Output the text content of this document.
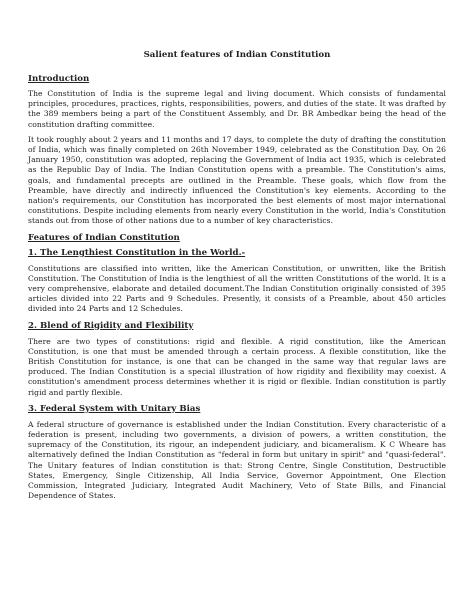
Salient features of Indian Constitution
Introduction

The Constitution of India is the supreme legal and living document. Which consists of fundamental principles, procedures, practices, rights, responsibilities, powers, and duties of the state. It was drafted by the 389 members being a part of the Constituent Assembly, and Dr. BR Ambedkar being the head of the constitution drafting committee.

It took roughly about 2 years and 11 months and 17 days, to complete the duty of drafting the constitution of India, which was finally completed on 26th November 1949, celebrated as the Constitution Day. On 26 January 1950, constitution was adopted, replacing the Government of India act 1935, which is celebrated as the Republic Day of India. The Indian Constitution opens with a preamble. The Constitution's aims, goals, and fundamental precepts are outlined in the Preamble. These goals, which flow from the Preamble, have directly and indirectly influenced the Constitution's key elements. According to the nation's requirements, our Constitution has incorporated the best elements of most major international constitutions. Despite including elements from nearly every Constitution in the world, India's Constitution stands out from those of other nations due to a number of key characteristics.

Features of Indian Constitution
1. The Lengthiest Constitution in the World.-

Constitutions are classified into written, like the American Constitution, or unwritten, like the British Constitution. The Constitution of India is the lengthiest of all the written Constitutions of the world. It is a very comprehensive, elaborate and detailed document.The Indian Constitution originally consisted of 395 articles divided into 22 Parts and 9 Schedules. Presently, it consists of a Preamble, about 450 articles divided into 24 Parts and 12 Schedules.

2. Blend of Rigidity and Flexibility

There are two types of constitutions: rigid and flexible. A rigid constitution, like the American Constitution, is one that must be amended through a certain process. A flexible constitution, like the British Constitution for instance, is one that can be changed in the same way that regular laws are produced. The Indian Constitution is a special illustration of how rigidity and flexibility may coexist. A constitution's amendment process determines whether it is rigid or flexible. Indian constitution is partly rigid and partly flexible.

3. Federal System with Unitary Bias

A federal structure of governance is established under the Indian Constitution. Every characteristic of a federation is present, including two governments, a division of powers, a written constitution, the supremacy of the Constitution, its rigour, an independent judiciary, and bicameralism. K C Wheare has alternatively defined the Indian Constitution as "federal in form but unitary in spirit" and "quasi-federal". The Unitary features of Indian constitution is that: Strong Centre, Single Constitution, Destructible States, Emergency, Single Citizenship, All India Service, Governor Appointment, One Election Commission, Integrated Judiciary, Integrated Audit Machinery, Veto of State Bills, and Financial Dependence of States.
